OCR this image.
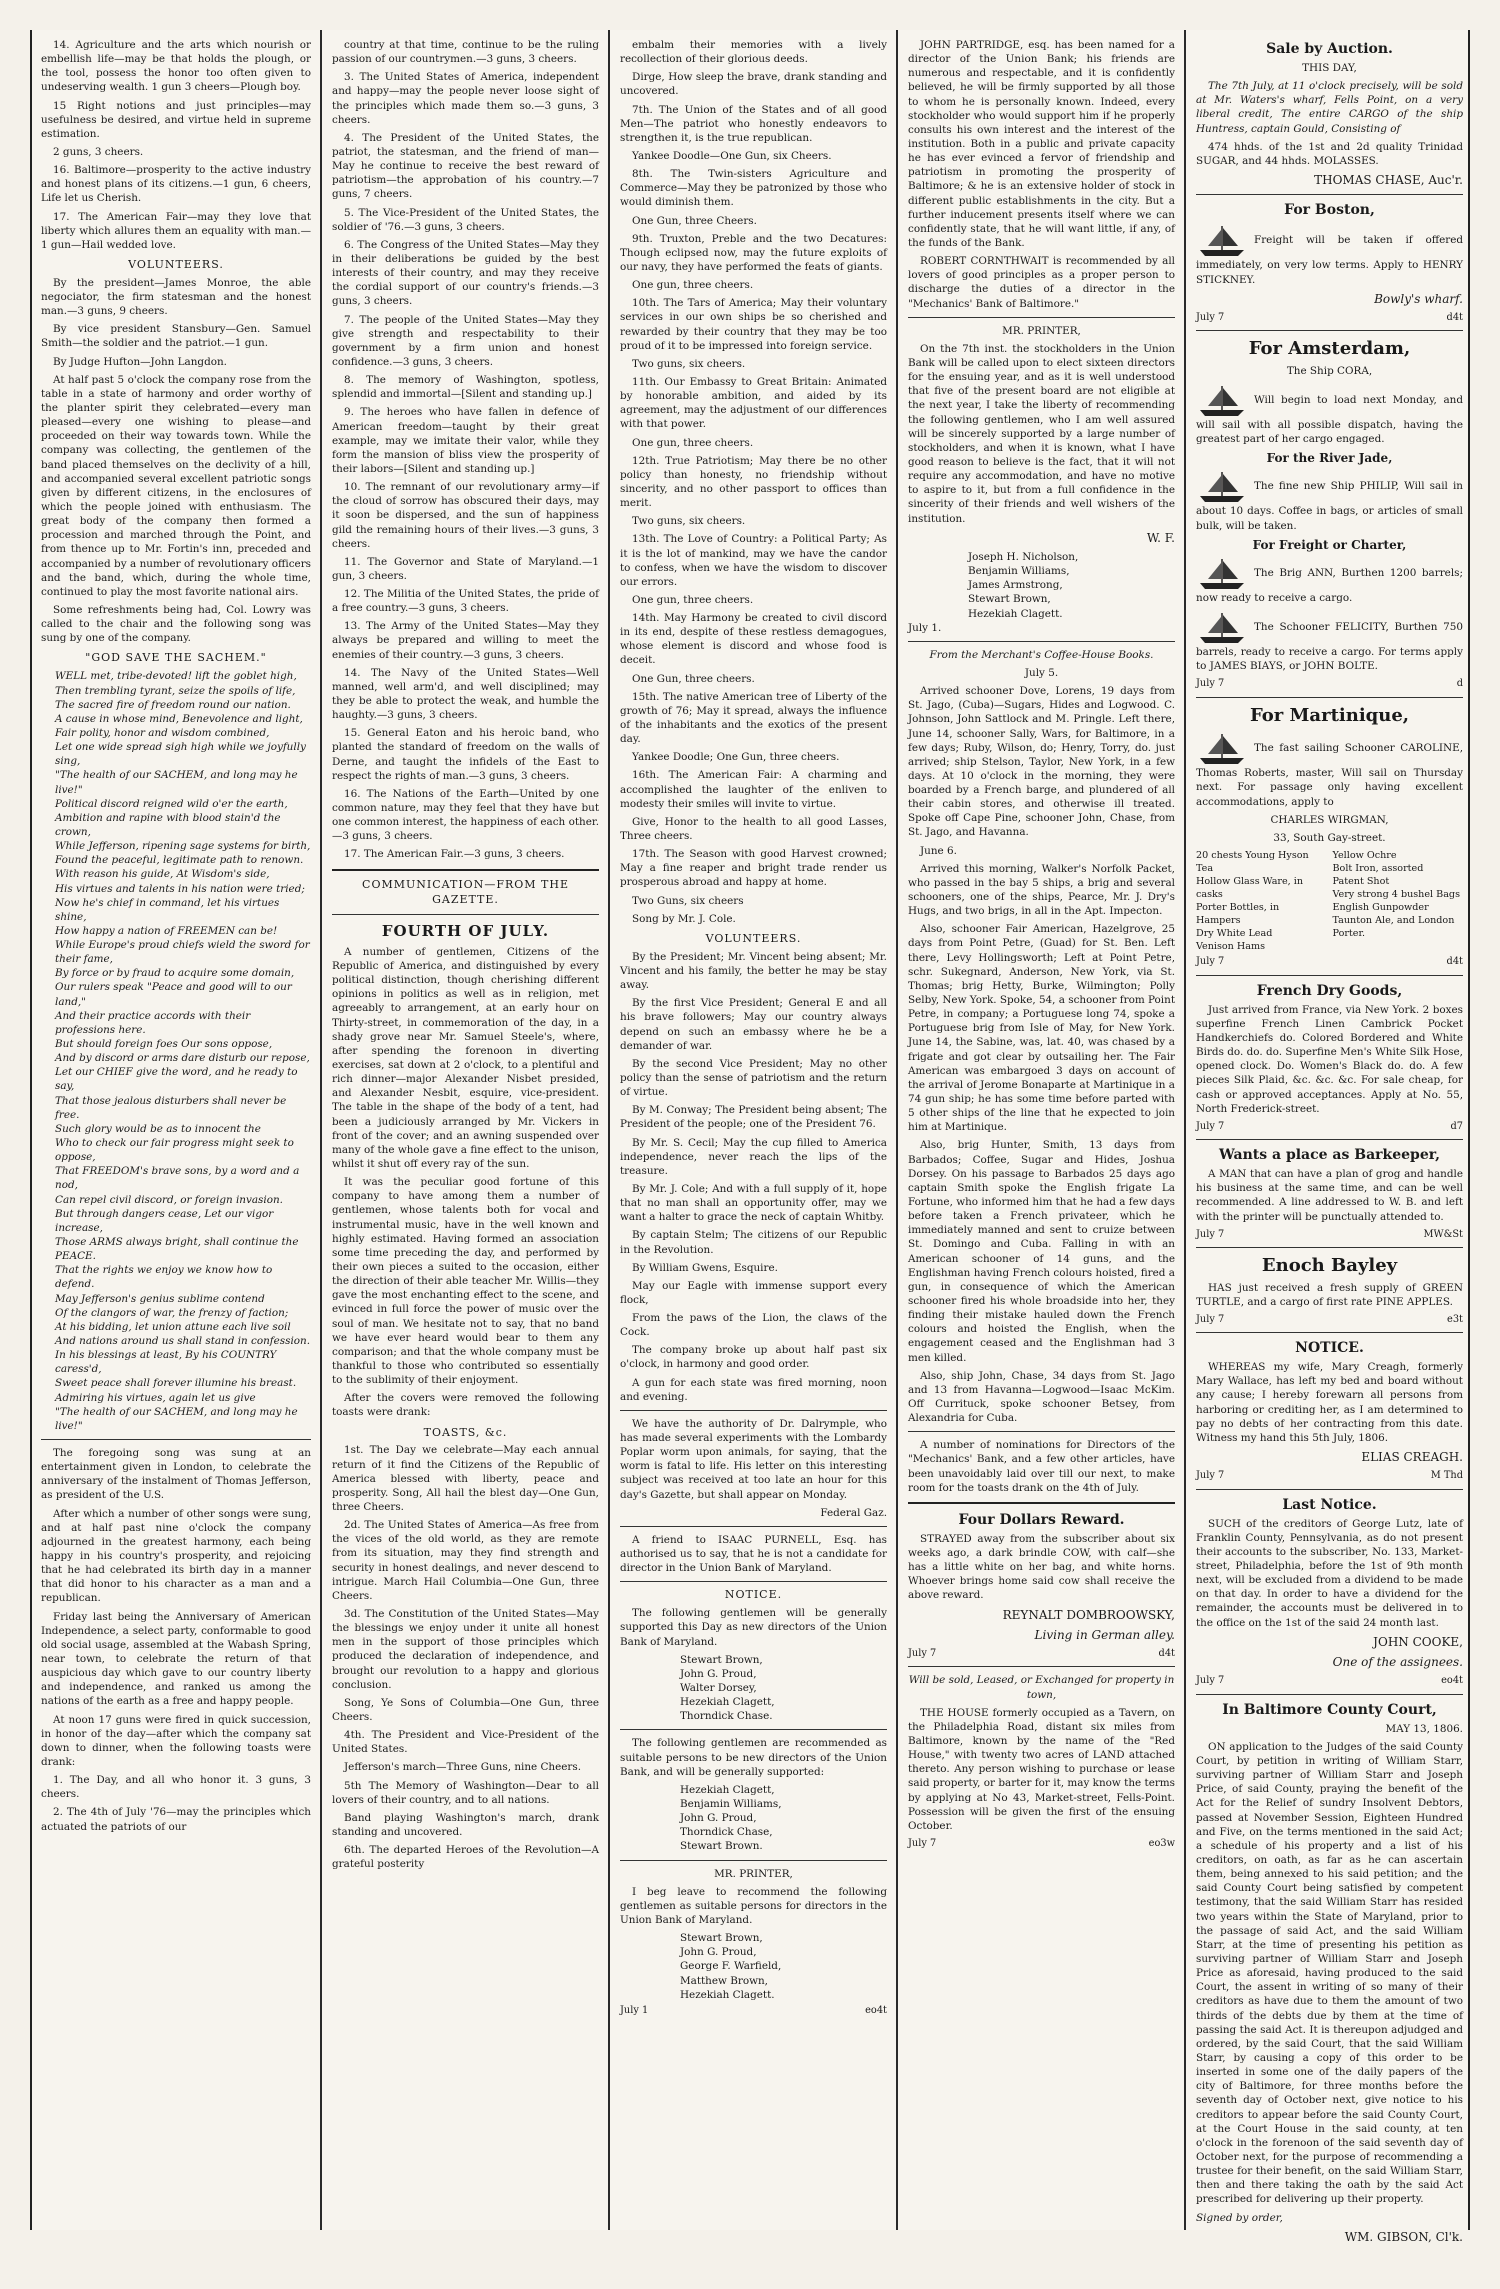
14. Agriculture and the arts which nourish or embellish life—may be that holds the plough, or the tool, possess the honor too often given to undeserving wealth. 1 gun 3 cheers—Plough boy.

15 Right notions and just principles—may usefulness be desired, and virtue held in supreme estimation.

2 guns, 3 cheers.

16. Baltimore—prosperity to the active industry and honest plans of its citizens.—1 gun, 6 cheers, Life let us Cherish.

17. The American Fair—may they love that liberty which allures them an equality with man.—1 gun—Hail wedded love.

VOLUNTEERS.

By the president—James Monroe, the able negociator, the firm statesman and the honest man.—3 guns, 9 cheers.

By vice president Stansbury—Gen. Samuel Smith—the soldier and the patriot.—1 gun.

By Judge Hufton—John Langdon.

At half past 5 o'clock the company rose from the table in a state of harmony and order worthy of the planter spirit they celebrated—every man pleased—every one wishing to please—and proceeded on their way towards town. While the company was collecting, the gentlemen of the band placed themselves on the declivity of a hill, and accompanied several excellent patriotic songs given by different citizens, in the enclosures of which the people joined with enthusiasm. The great body of the company then formed a procession and marched through the Point, and from thence up to Mr. Fortin's inn, preceded and accompanied by a number of revolutionary officers and the band, which, during the whole time, continued to play the most favorite national airs.

Some refreshments being had, Col. Lowry was called to the chair and the following song was sung by one of the company.

"GOD SAVE THE SACHEM."

WELL met, tribe-devoted! lift the goblet high,

Then trembling tyrant, seize the spoils of life,

The sacred fire of freedom round our nation.

A cause in whose mind, Benevolence and light,

Fair polity, honor and wisdom combined,

Let one wide spread sigh high while we joyfully sing,

"The health of our SACHEM, and long may he live!"

Political discord reigned wild o'er the earth,

Ambition and rapine with blood stain'd the crown,

While Jefferson, ripening sage systems for birth,

Found the peaceful, legitimate path to renown.

With reason his guide, At Wisdom's side,

His virtues and talents in his nation were tried;

Now he's chief in command, let his virtues shine,

How happy a nation of FREEMEN can be!

While Europe's proud chiefs wield the sword for their fame,

By force or by fraud to acquire some domain,

Our rulers speak "Peace and good will to our land,"

And their practice accords with their professions here.

But should foreign foes Our sons oppose,

And by discord or arms dare disturb our repose,

Let our CHIEF give the word, and he ready to say,

That those jealous disturbers shall never be free.

Such glory would be as to innocent the

Who to check our fair progress might seek to oppose,

That FREEDOM's brave sons, by a word and a nod,

Can repel civil discord, or foreign invasion.

But through dangers cease, Let our vigor increase,

Those ARMS always bright, shall continue the PEACE.

That the rights we enjoy we know how to defend.

May Jefferson's genius sublime contend

Of the clangors of war, the frenzy of faction;

At his bidding, let union attune each live soil

And nations around us shall stand in confession.

In his blessings at least, By his COUNTRY caress'd,

Sweet peace shall forever illumine his breast.

Admiring his virtues, again let us give

"The health of our SACHEM, and long may he live!"

The foregoing song was sung at an entertainment given in London, to celebrate the anniversary of the instalment of Thomas Jefferson, as president of the U.S.

After which a number of other songs were sung, and at half past nine o'clock the company adjourned in the greatest harmony, each being happy in his country's prosperity, and rejoicing that he had celebrated its birth day in a manner that did honor to his character as a man and a republican.

Friday last being the Anniversary of American Independence, a select party, conformable to good old social usage, assembled at the Wabash Spring, near town, to celebrate the return of that auspicious day which gave to our country liberty and independence, and ranked us among the nations of the earth as a free and happy people.

At noon 17 guns were fired in quick succession, in honor of the day—after which the company sat down to dinner, when the following toasts were drank:

1. The Day, and all who honor it. 3 guns, 3 cheers.

2. The 4th of July '76—may the principles which actuated the patriots of our

country at that time, continue to be the ruling passion of our countrymen.—3 guns, 3 cheers.

3. The United States of America, independent and happy—may the people never loose sight of the principles which made them so.—3 guns, 3 cheers.

4. The President of the United States, the patriot, the statesman, and the friend of man—May he continue to receive the best reward of patriotism—the approbation of his country.—7 guns, 7 cheers.

5. The Vice-President of the United States, the soldier of '76.—3 guns, 3 cheers.

6. The Congress of the United States—May they in their deliberations be guided by the best interests of their country, and may they receive the cordial support of our country's friends.—3 guns, 3 cheers.

7. The people of the United States—May they give strength and respectability to their government by a firm union and honest confidence.—3 guns, 3 cheers.

8. The memory of Washington, spotless, splendid and immortal—[Silent and standing up.]

9. The heroes who have fallen in defence of American freedom—taught by their great example, may we imitate their valor, while they form the mansion of bliss view the prosperity of their labors—[Silent and standing up.]

10. The remnant of our revolutionary army—if the cloud of sorrow has obscured their days, may it soon be dispersed, and the sun of happiness gild the remaining hours of their lives.—3 guns, 3 cheers.

11. The Governor and State of Maryland.—1 gun, 3 cheers.

12. The Militia of the United States, the pride of a free country.—3 guns, 3 cheers.

13. The Army of the United States—May they always be prepared and willing to meet the enemies of their country.—3 guns, 3 cheers.

14. The Navy of the United States—Well manned, well arm'd, and well disciplined; may they be able to protect the weak, and humble the haughty.—3 guns, 3 cheers.

15. General Eaton and his heroic band, who planted the standard of freedom on the walls of Derne, and taught the infidels of the East to respect the rights of man.—3 guns, 3 cheers.

16. The Nations of the Earth—United by one common nature, may they feel that they have but one common interest, the happiness of each other.—3 guns, 3 cheers.

17. The American Fair.—3 guns, 3 cheers.

COMMUNICATION—FROM THE GAZETTE.
FOURTH OF JULY.

A number of gentlemen, Citizens of the Republic of America, and distinguished by every political distinction, though cherishing different opinions in politics as well as in religion, met agreeably to arrangement, at an early hour on Thirty-street, in commemoration of the day, in a shady grove near Mr. Samuel Steele's, where, after spending the forenoon in diverting exercises, sat down at 2 o'clock, to a plentiful and rich dinner—major Alexander Nisbet presided, and Alexander Nesbit, esquire, vice-president. The table in the shape of the body of a tent, had been a judiciously arranged by Mr. Vickers in front of the cover; and an awning suspended over many of the whole gave a fine effect to the unison, whilst it shut off every ray of the sun.

It was the peculiar good fortune of this company to have among them a number of gentlemen, whose talents both for vocal and instrumental music, have in the well known and highly estimated. Having formed an association some time preceding the day, and performed by their own pieces a suited to the occasion, either the direction of their able teacher Mr. Willis—they gave the most enchanting effect to the scene, and evinced in full force the power of music over the soul of man. We hesitate not to say, that no band we have ever heard would bear to them any comparison; and that the whole company must be thankful to those who contributed so essentially to the sublimity of their enjoyment.

After the covers were removed the following toasts were drank:

TOASTS, &c.

1st. The Day we celebrate—May each annual return of it find the Citizens of the Republic of America blessed with liberty, peace and prosperity. Song, All hail the blest day—One Gun, three Cheers.

2d. The United States of America—As free from the vices of the old world, as they are remote from its situation, may they find strength and security in honest dealings, and never descend to intrigue. March Hail Columbia—One Gun, three Cheers.

3d. The Constitution of the United States—May the blessings we enjoy under it unite all honest men in the support of those principles which produced the declaration of independence, and brought our revolution to a happy and glorious conclusion.

Song, Ye Sons of Columbia—One Gun, three Cheers.

4th. The President and Vice-President of the United States.

Jefferson's march—Three Guns, nine Cheers.

5th The Memory of Washington—Dear to all lovers of their country, and to all nations.

Band playing Washington's march, drank standing and uncovered.

6th. The departed Heroes of the Revolution—A grateful posterity

embalm their memories with a lively recollection of their glorious deeds.

Dirge, How sleep the brave, drank standing and uncovered.

7th. The Union of the States and of all good Men—The patriot who honestly endeavors to strengthen it, is the true republican.

Yankee Doodle—One Gun, six Cheers.

8th. The Twin-sisters Agriculture and Commerce—May they be patronized by those who would diminish them.

One Gun, three Cheers.

9th. Truxton, Preble and the two Decatures: Though eclipsed now, may the future exploits of our navy, they have performed the feats of giants.

One gun, three cheers.

10th. The Tars of America; May their voluntary services in our own ships be so cherished and rewarded by their country that they may be too proud of it to be impressed into foreign service.

Two guns, six cheers.

11th. Our Embassy to Great Britain: Animated by honorable ambition, and aided by its agreement, may the adjustment of our differences with that power.

One gun, three cheers.

12th. True Patriotism; May there be no other policy than honesty, no friendship without sincerity, and no other passport to offices than merit.

Two guns, six cheers.

13th. The Love of Country: a Political Party; As it is the lot of mankind, may we have the candor to confess, when we have the wisdom to discover our errors.

One gun, three cheers.

14th. May Harmony be created to civil discord in its end, despite of these restless demagogues, whose element is discord and whose food is deceit.

One Gun, three cheers.

15th. The native American tree of Liberty of the growth of 76; May it spread, always the influence of the inhabitants and the exotics of the present day.

Yankee Doodle; One Gun, three cheers.

16th. The American Fair: A charming and accomplished the laughter of the enliven to modesty their smiles will invite to virtue.

Give, Honor to the health to all good Lasses, Three cheers.

17th. The Season with good Harvest crowned; May a fine reaper and bright trade render us prosperous abroad and happy at home.

Two Guns, six cheers

Song by Mr. J. Cole.

VOLUNTEERS.

By the President; Mr. Vincent being absent; Mr. Vincent and his family, the better he may be stay away.

By the first Vice President; General E and all his brave followers; May our country always depend on such an embassy where he be a demander of war.

By the second Vice President; May no other policy than the sense of patriotism and the return of virtue.

By M. Conway; The President being absent; The President of the people; one of the President 76.

By Mr. S. Cecil; May the cup filled to America independence, never reach the lips of the treasure.

By Mr. J. Cole; And with a full supply of it, hope that no man shall an opportunity offer, may we want a halter to grace the neck of captain Whitby.

By captain Stelm; The citizens of our Republic in the Revolution.

By William Gwens, Esquire.

May our Eagle with immense support every flock,

From the paws of the Lion, the claws of the Cock.

The company broke up about half past six o'clock, in harmony and good order.

A gun for each state was fired morning, noon and evening.

We have the authority of Dr. Dalrymple, who has made several experiments with the Lombardy Poplar worm upon animals, for saying, that the worm is fatal to life. His letter on this interesting subject was received at too late an hour for this day's Gazette, but shall appear on Monday.

Federal Gaz.

A friend to ISAAC PURNELL, Esq. has authorised us to say, that he is not a candidate for director in the Union Bank of Maryland.

NOTICE.

The following gentlemen will be generally supported this Day as new directors of the Union Bank of Maryland.

Stewart Brown,

John G. Proud,

Walter Dorsey,

Hezekiah Clagett,

Thorndick Chase.

The following gentlemen are recommended as suitable persons to be new directors of the Union Bank, and will be generally supported:

Hezekiah Clagett,

Benjamin Williams,

John G. Proud,

Thorndick Chase,

Stewart Brown.

MR. PRINTER,

I beg leave to recommend the following gentlemen as suitable persons for directors in the Union Bank of Maryland.

Stewart Brown,

John G. Proud,

George F. Warfield,

Matthew Brown,

Hezekiah Clagett.

July 1	eo4t

JOHN PARTRIDGE, esq. has been named for a director of the Union Bank; his friends are numerous and respectable, and it is confidently believed, he will be firmly supported by all those to whom he is personally known. Indeed, every stockholder who would support him if he properly consults his own interest and the interest of the institution. Both in a public and private capacity he has ever evinced a fervor of friendship and patriotism in promoting the prosperity of Baltimore; & he is an extensive holder of stock in different public establishments in the city. But a further inducement presents itself where we can confidently state, that he will want little, if any, of the funds of the Bank.

ROBERT CORNTHWAIT is recommended by all lovers of good principles as a proper person to discharge the duties of a director in the "Mechanics' Bank of Baltimore."

MR. PRINTER,

On the 7th inst. the stockholders in the Union Bank will be called upon to elect sixteen directors for the ensuing year, and as it is well understood that five of the present board are not eligible at the next year, I take the liberty of recommending the following gentlemen, who I am well assured will be sincerely supported by a large number of stockholders, and when it is known, what I have good reason to believe is the fact, that it will not require any accommodation, and have no motive to aspire to it, but from a full confidence in the sincerity of their friends and well wishers of the institution.

W. F.

Joseph H. Nicholson,

Benjamin Williams,

James Armstrong,

Stewart Brown,

Hezekiah Clagett.

July 1.

From the Merchant's Coffee-House Books.

July 5.

Arrived schooner Dove, Lorens, 19 days from St. Jago, (Cuba)—Sugars, Hides and Logwood. C. Johnson, John Sattlock and M. Pringle. Left there, June 14, schooner Sally, Wars, for Baltimore, in a few days; Ruby, Wilson, do; Henry, Torry, do. just arrived; ship Stelson, Taylor, New York, in a few days. At 10 o'clock in the morning, they were boarded by a French barge, and plundered of all their cabin stores, and otherwise ill treated. Spoke off Cape Pine, schooner John, Chase, from St. Jago, and Havanna.

June 6.

Arrived this morning, Walker's Norfolk Packet, who passed in the bay 5 ships, a brig and several schooners, one of the ships, Pearce, Mr. J. Dry's Hugs, and two brigs, in all in the Apt. Impecton.

Also, schooner Fair American, Hazelgrove, 25 days from Point Petre, (Guad) for St. Ben. Left there, Levy Hollingsworth; Left at Point Petre, schr. Sukegnard, Anderson, New York, via St. Thomas; brig Hetty, Burke, Wilmington; Polly Selby, New York. Spoke, 54, a schooner from Point Petre, in company; a Portuguese long 74, spoke a Portuguese brig from Isle of May, for New York. June 14, the Sabine, was, lat. 40, was chased by a frigate and got clear by outsailing her. The Fair American was embargoed 3 days on account of the arrival of Jerome Bonaparte at Martinique in a 74 gun ship; he has some time before parted with 5 other ships of the line that he expected to join him at Martinique.

Also, brig Hunter, Smith, 13 days from Barbados; Coffee, Sugar and Hides, Joshua Dorsey. On his passage to Barbados 25 days ago captain Smith spoke the English frigate La Fortune, who informed him that he had a few days before taken a French privateer, which he immediately manned and sent to cruize between St. Domingo and Cuba. Falling in with an American schooner of 14 guns, and the Englishman having French colours hoisted, fired a gun, in consequence of which the American schooner fired his whole broadside into her, they finding their mistake hauled down the French colours and hoisted the English, when the engagement ceased and the Englishman had 3 men killed.

Also, ship John, Chase, 34 days from St. Jago and 13 from Havanna—Logwood—Isaac McKim. Off Currituck, spoke schooner Betsey, from Alexandria for Cuba.

A number of nominations for Directors of the "Mechanics' Bank, and a few other articles, have been unavoidably laid over till our next, to make room for the toasts drank on the 4th of July.

Four Dollars Reward.

STRAYED away from the subscriber about six weeks ago, a dark brindle COW, with calf—she has a little white on her bag, and white horns. Whoever brings home said cow shall receive the above reward.

REYNALT DOMBROOWSKY,

Living in German alley.

July 7	d4t

Will be sold, Leased, or Exchanged for property in town,

THE HOUSE formerly occupied as a Tavern, on the Philadelphia Road, distant six miles from Baltimore, known by the name of the "Red House," with twenty two acres of LAND attached thereto. Any person wishing to purchase or lease said property, or barter for it, may know the terms by applying at No 43, Market-street, Fells-Point. Possession will be given the first of the ensuing October.

July 7	eo3w
Sale by Auction.

THIS DAY,

The 7th July, at 11 o'clock precisely, will be sold at Mr. Waters's wharf, Fells Point, on a very liberal credit, The entire CARGO of the ship Huntress, captain Gould, Consisting of

474 hhds. of the 1st and 2d quality Trinidad SUGAR, and 44 hhds. MOLASSES.

THOMAS CHASE, Auc'r.

For Boston,

Freight will be taken if offered immediately, on very low terms. Apply to HENRY STICKNEY.

Bowly's wharf.

July 7	d4t
For Amsterdam,

The Ship CORA,

Will begin to load next Monday, and will sail with all possible dispatch, having the greatest part of her cargo engaged.

For the River Jade,

The fine new Ship PHILIP, Will sail in about 10 days. Coffee in bags, or articles of small bulk, will be taken.

For Freight or Charter,

The Brig ANN, Burthen 1200 barrels; now ready to receive a cargo.

The Schooner FELICITY, Burthen 750 barrels, ready to receive a cargo. For terms apply to JAMES BIAYS, or JOHN BOLTE.

July 7	d
For Martinique,

The fast sailing Schooner CAROLINE, Thomas Roberts, master, Will sail on Thursday next. For passage only having excellent accommodations, apply to

CHARLES WIRGMAN,

33, South Gay-street.

20 chests Young Hyson Tea
Hollow Glass Ware, in casks
Porter Bottles, in Hampers
Dry White Lead
Venison Hams
Yellow Ochre
Bolt Iron, assorted
Patent Shot
Very strong 4 bushel Bags
English Gunpowder
Taunton Ale, and London Porter.
July 7	d4t
French Dry Goods,

Just arrived from France, via New York. 2 boxes superfine French Linen Cambrick Pocket Handkerchiefs do. Colored Bordered and White Birds do. do. do. Superfine Men's White Silk Hose, opened clock. Do. Women's Black do. do. A few pieces Silk Plaid, &c. &c. &c. For sale cheap, for cash or approved acceptances. Apply at No. 55, North Frederick-street.

July 7	d7
Wants a place as Barkeeper,

A MAN that can have a plan of grog and handle his business at the same time, and can be well recommended. A line addressed to W. B. and left with the printer will be punctually attended to.

July 7	MW&St
Enoch Bayley

HAS just received a fresh supply of GREEN TURTLE, and a cargo of first rate PINE APPLES.

July 7	e3t
NOTICE.

WHEREAS my wife, Mary Creagh, formerly Mary Wallace, has left my bed and board without any cause; I hereby forewarn all persons from harboring or crediting her, as I am determined to pay no debts of her contracting from this date. Witness my hand this 5th July, 1806.

ELIAS CREAGH.

July 7	M Thd
Last Notice.

SUCH of the creditors of George Lutz, late of Franklin County, Pennsylvania, as do not present their accounts to the subscriber, No. 133, Market-street, Philadelphia, before the 1st of 9th month next, will be excluded from a dividend to be made on that day. In order to have a dividend for the remainder, the accounts must be delivered in to the office on the 1st of the said 24 month last.

JOHN COOKE,

One of the assignees.

July 7	eo4t
In Baltimore County Court,

MAY 13, 1806.

ON application to the Judges of the said County Court, by petition in writing of William Starr, surviving partner of William Starr and Joseph Price, of said County, praying the benefit of the Act for the Relief of sundry Insolvent Debtors, passed at November Session, Eighteen Hundred and Five, on the terms mentioned in the said Act; a schedule of his property and a list of his creditors, on oath, as far as he can ascertain them, being annexed to his said petition; and the said County Court being satisfied by competent testimony, that the said William Starr has resided two years within the State of Maryland, prior to the passage of said Act, and the said William Starr, at the time of presenting his petition as surviving partner of William Starr and Joseph Price as aforesaid, having produced to the said Court, the assent in writing of so many of their creditors as have due to them the amount of two thirds of the debts due by them at the time of passing the said Act. It is thereupon adjudged and ordered, by the said Court, that the said William Starr, by causing a copy of this order to be inserted in some one of the daily papers of the city of Baltimore, for three months before the seventh day of October next, give notice to his creditors to appear before the said County Court, at the Court House in the said county, at ten o'clock in the forenoon of the said seventh day of October next, for the purpose of recommending a trustee for their benefit, on the said William Starr, then and there taking the oath by the said Act prescribed for delivering up their property.

Signed by order,

WM. GIBSON, Cl'k.
